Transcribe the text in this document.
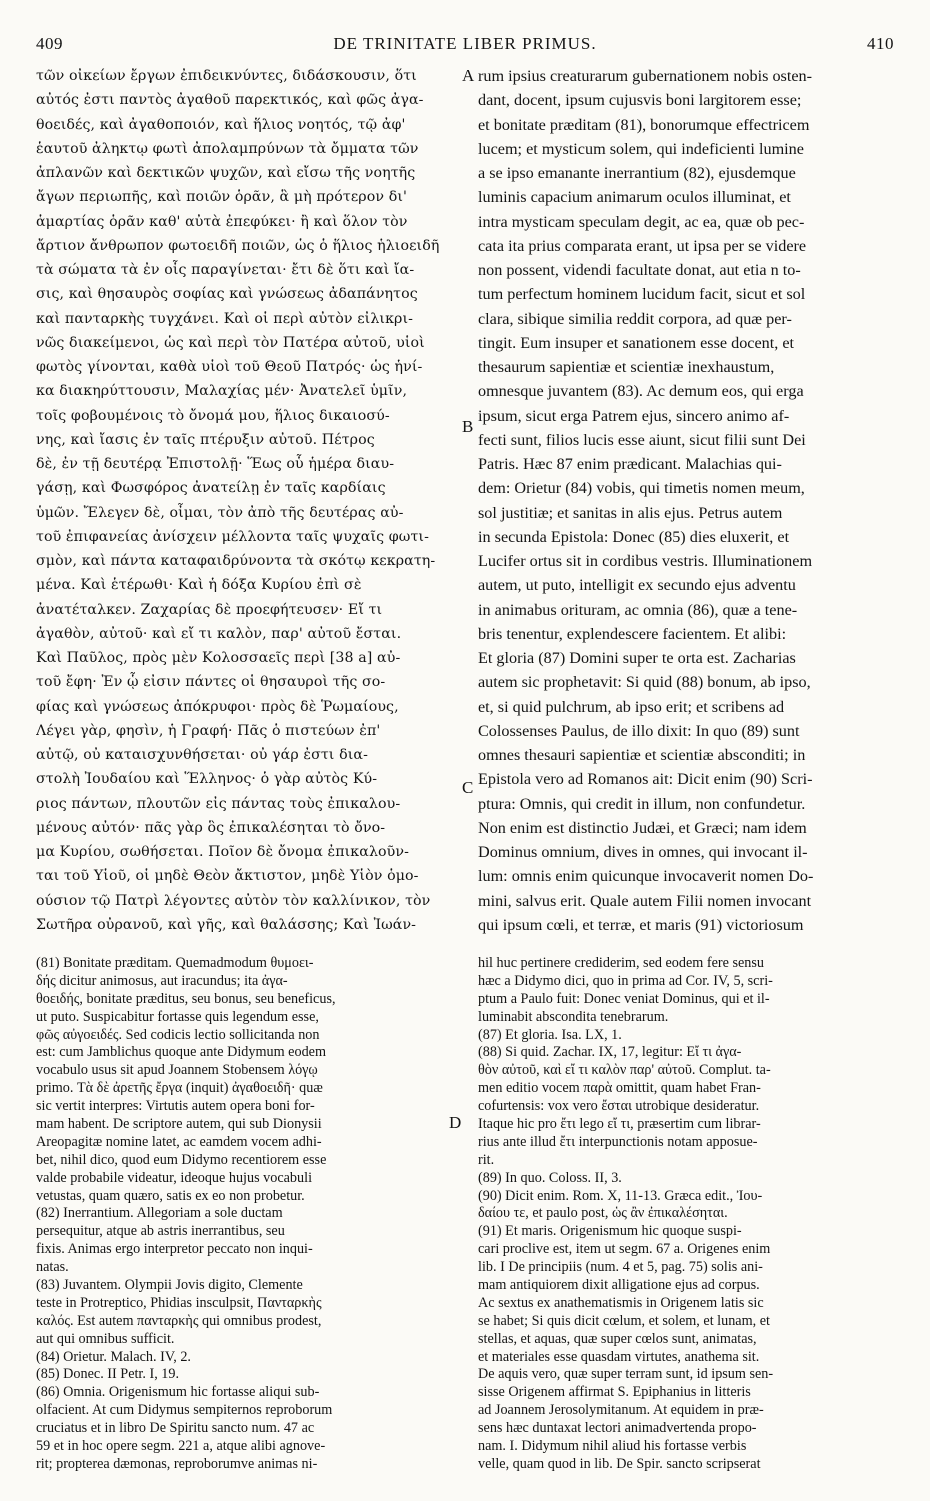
409	DE TRINITATE LIBER PRIMUS.	410
τῶν οἰκείων ἔργων ἐπιδεικνύντες, διδάσκουσιν, ὅτι
αὐτός ἐστι παντὸς ἀγαθοῦ παρεκτικός, καὶ φῶς ἀγα-
θοειδές, καὶ ἀγαθοποιόν, καὶ ἥλιος νοητός, τῷ ἀφ'
ἑαυτοῦ ἀληκτῳ φωτὶ ἀπολαμπρύνων τὰ ὄμματα τῶν
ἀπλανῶν καὶ δεκτικῶν ψυχῶν, καὶ εἴσω τῆς νοητῆς
ἄγων περιωπῆς, καὶ ποιῶν ὁρᾶν, ἃ μὴ πρότερον δι'
ἁμαρτίας ὁρᾶν καθ' αὐτὰ ἐπεφύκει· ἢ καὶ ὅλον τὸν
ἄρτιον ἄνθρωπον φωτοειδῆ ποιῶν, ὡς ὁ ἥλιος ἡλιοειδῆ
τὰ σώματα τὰ ἐν οἷς παραγίνεται· ἔτι δὲ ὅτι καὶ ἴα-
σις, καὶ θησαυρὸς σοφίας καὶ γνώσεως ἀδαπάνητος
καὶ πανταρκὴς τυγχάνει. Καὶ οἱ περὶ αὐτὸν εἰλικρι-
νῶς διακείμενοι, ὡς καὶ περὶ τὸν Πατέρα αὐτοῦ, υἱοὶ
φωτὸς γίνονται, καθὰ υἱοὶ τοῦ Θεοῦ Πατρός· ὡς ἡνί-
κα διακηρύττουσιν, Μαλαχίας μέν· Ἀνατελεῖ ὑμῖν,
τοῖς φοβουμένοις τὸ ὄνομά μου, ἥλιος δικαιοσύ-
νης, καὶ ἴασις ἐν ταῖς πτέρυξιν αὐτοῦ. Πέτρος
δὲ, ἐν τῇ δευτέρᾳ Ἐπιστολῇ· Ἕως οὗ ἡμέρα διαυ-
γάσῃ, καὶ Φωσφόρος ἀνατείλῃ ἐν ταῖς καρδίαις
ὑμῶν. Ἔλεγεν δὲ, οἶμαι, τὸν ἀπὸ τῆς δευτέρας αὐ-
τοῦ ἐπιφανείας ἀνίσχειν μέλλοντα ταῖς ψυχαῖς φωτι-
σμὸν, καὶ πάντα καταφαιδρύνοντα τὰ σκότῳ κεκρατη-
μένα. Καὶ ἑτέρωθι· Καὶ ἡ δόξα Κυρίου ἐπὶ σὲ
ἀνατέταλκεν. Ζαχαρίας δὲ προεφήτευσεν· Εἴ τι
ἀγαθὸν, αὐτοῦ· καὶ εἴ τι καλὸν, παρ' αὐτοῦ ἔσται.
Καὶ Παῦλος, πρὸς μὲν Κολοσσαεῖς περὶ [38 a] αὐ-
τοῦ ἔφη· Ἐν ᾧ εἰσιν πάντες οἱ θησαυροὶ τῆς σο-
φίας καὶ γνώσεως ἀπόκρυφοι· πρὸς δὲ Ῥωμαίους,
Λέγει γὰρ, φησὶν, ἡ Γραφή· Πᾶς ὁ πιστεύων ἐπ'
αὐτῷ, οὐ καταισχυνθήσεται· οὐ γάρ ἐστι δια-
στολὴ Ἰουδαίου καὶ Ἕλληνος· ὁ γὰρ αὐτὸς Κύ-
ριος πάντων, πλουτῶν εἰς πάντας τοὺς ἐπικαλου-
μένους αὐτόν· πᾶς γὰρ ὃς ἐπικαλέσηται τὸ ὄνο-
μα Κυρίου, σωθήσεται. Ποῖον δὲ ὄνομα ἐπικαλοῦν-
ται τοῦ Υἱοῦ, οἱ μηδὲ Θεὸν ἄκτιστον, μηδὲ Υἱὸν ὁμο-
ούσιον τῷ Πατρὶ λέγοντες αὐτὸν τὸν καλλίνικον, τὸν
Σωτῆρα οὐρανοῦ, καὶ γῆς, καὶ θαλάσσης; Καὶ Ἰωάν-
A
B
C
D
rum ipsius creaturarum gubernationem nobis osten-
dant, docent, ipsum cujusvis boni largitorem esse;
et bonitate præditam (81), bonorumque effectricem
lucem; et mysticum solem, qui indeficienti lumine
a se ipso emanante inerrantium (82), ejusdemque
luminis capacium animarum oculos illuminat, et
intra mysticam speculam degit, ac ea, quæ ob pec-
cata ita prius comparata erant, ut ipsa per se videre
non possent, videndi facultate donat, aut etia n to-
tum perfectum hominem lucidum facit, sicut et sol
clara, sibique similia reddit corpora, ad quæ per-
tingit. Eum insuper et sanationem esse docent, et
thesaurum sapientiæ et scientiæ inexhaustum,
omnesque juvantem (83). Ac demum eos, qui erga
ipsum, sicut erga Patrem ejus, sincero animo af-
fecti sunt, filios lucis esse aiunt, sicut filii sunt Dei
Patris. Hæc 87 enim prædicant. Malachias qui-
dem: Orietur (84) vobis, qui timetis nomen meum,
sol justitiæ; et sanitas in alis ejus. Petrus autem
in secunda Epistola: Donec (85) dies eluxerit, et
Lucifer ortus sit in cordibus vestris. Illuminationem
autem, ut puto, intelligit ex secundo ejus adventu
in animabus orituram, ac omnia (86), quæ a tene-
bris tenentur, explendescere facientem. Et alibi:
Et gloria (87) Domini super te orta est. Zacharias
autem sic prophetavit: Si quid (88) bonum, ab ipso,
et, si quid pulchrum, ab ipso erit; et scribens ad
Colossenses Paulus, de illo dixit: In quo (89) sunt
omnes thesauri sapientiæ et scientiæ absconditi; in
Epistola vero ad Romanos ait: Dicit enim (90) Scri-
ptura: Omnis, qui credit in illum, non confundetur.
Non enim est distinctio Judæi, et Græci; nam idem
Dominus omnium, dives in omnes, qui invocant il-
lum: omnis enim quicunque invocaverit nomen Do-
mini, salvus erit. Quale autem Filii nomen invocant
qui ipsum cœli, et terræ, et maris (91) victoriosum
(81) Bonitate præditam. Quemadmodum θυμοει-
δής dicitur animosus, aut iracundus; ita ἀγα-
θοειδής, bonitate præditus, seu bonus, seu beneficus,
ut puto. Suspicabitur fortasse quis legendum esse,
φῶς αὐγοειδές. Sed codicis lectio sollicitanda non
est: cum Jamblichus quoque ante Didymum eodem
vocabulo usus sit apud Joannem Stobensem λόγῳ
primo. Τὰ δὲ ἀρετῆς ἔργα (inquit) ἀγαθοειδῆ· quæ
sic vertit interpres: Virtutis autem opera boni for-
mam habent. De scriptore autem, qui sub Dionysii
Areopagitæ nomine latet, ac eamdem vocem adhi-
bet, nihil dico, quod eum Didymo recentiorem esse
valde probabile videatur, ideoque hujus vocabuli
vetustas, quam quæro, satis ex eo non probetur.
(82) Inerrantium. Allegoriam a sole ductam
persequitur, atque ab astris inerrantibus, seu
fixis. Animas ergo interpretor peccato non inqui-
natas.
(83) Juvantem. Olympii Jovis digito, Clemente
teste in Protreptico, Phidias insculpsit, Πανταρκὴς
καλός. Est autem πανταρκὴς qui omnibus prodest,
aut qui omnibus sufficit.
(84) Orietur. Malach. IV, 2.
(85) Donec. II Petr. I, 19.
(86) Omnia. Origenismum hic fortasse aliqui sub-
olfacient. At cum Didymus sempiternos reproborum
cruciatus et in libro De Spiritu sancto num. 47 ac
59 et in hoc opere segm. 221 a, atque alibi agnove-
rit; propterea dæmonas, reproborumve animas ni-
hil huc pertinere crediderim, sed eodem fere sensu
hæc a Didymo dici, quo in prima ad Cor. IV, 5, scri-
ptum a Paulo fuit: Donec veniat Dominus, qui et il-
luminabit abscondita tenebrarum.
(87) Et gloria. Isa. LX, 1.
(88) Si quid. Zachar. IX, 17, legitur: Εἴ τι ἀγα-
θὸν αὐτοῦ, καὶ εἴ τι καλὸν παρ' αὐτοῦ. Complut. ta-
men editio vocem παρὰ omittit, quam habet Fran-
cofurtensis: vox vero ἔσται utrobique desideratur.
Itaque hic pro ἔτι lego εἴ τι, præsertim cum librar-
rius ante illud ἔτι interpunctionis notam apposue-
rit.
(89) In quo. Coloss. II, 3.
(90) Dicit enim. Rom. X, 11-13. Græca edit., Ἰου-
δαίου τε, et paulo post, ὡς ἂν ἐπικαλέσηται.
(91) Et maris. Origenismum hic quoque suspi-
cari proclive est, item ut segm. 67 a. Origenes enim
lib. I De principiis (num. 4 et 5, pag. 75) solis ani-
mam antiquiorem dixit alligatione ejus ad corpus.
Ac sextus ex anathematismis in Origenem latis sic
se habet; Si quis dicit cœlum, et solem, et lunam, et
stellas, et aquas, quæ super cœlos sunt, animatas,
et materiales esse quasdam virtutes, anathema sit.
De aquis vero, quæ super terram sunt, id ipsum sen-
sisse Origenem affirmat S. Epiphanius in litteris
ad Joannem Jerosolymitanum. At equidem in præ-
sens hæc duntaxat lectori animadvertenda propo-
nam. I. Didymum nihil aliud his fortasse verbis
velle, quam quod in lib. De Spir. sancto scripserat
